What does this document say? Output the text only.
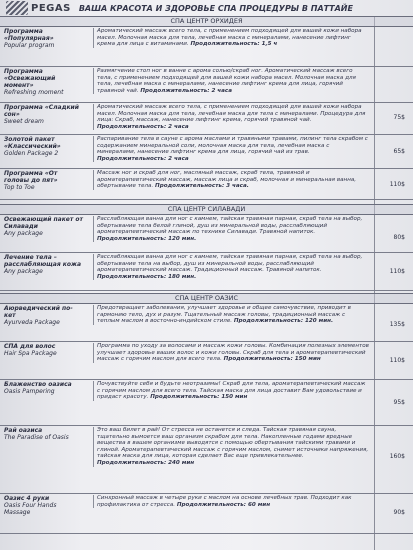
PEGAS ВАША КРАСОТА И ЗДОРОВЬЕ СПА ПРОЦЕДУРЫ В ПАТТАЙЕ
СПА ЦЕНТР ОРХИДЕЯ
Программа «Популярная»
Popular program
Ароматический массаж всего тела, с применением подходящей для вашей кожи набора масел. Молочная маска для тела, лечебная маска с минералами, нанесение лифтинг крема для лица с витаминами. Продолжительность: 1,5 ч
Программа «Освежающий момент»
Refreshing moment
Размягчение стоп ног в ванне с арома солью/скраб ног. Ароматический массаж всего тела, с применением подходящей для вашей кожи набора масел. Молочная маска для тела, лечебная маска с минералами, нанесение лифтинг крема для лица, горячий травяной чай. Продолжительность: 2 часа
Программа «Сладкий сон»
Sweet dream
Ароматический массаж всего тела, с применением подходящей для вашей кожи набора масел. Молочная маска для тела, лечебная маска для тела с минералами. Процедура для лица: Скраб, массаж, нанесение лифтинг крема, горячий травяной чай. Продолжительность: 2 часа
75$
Золотой пакет «Классический»
Golden Package 2
Распаривание тела в сауне с арома маслами и травяными травами, пилинг тела скрабом с содержанием минеральной соли, молочная маска для тела, лечебная маска с минералами, нанесение лифтинг крема для лица, горячий чай из трав. Продолжительность: 2 часа
65$
Программа «От головы до пят»
Top to Toe
Массаж ног и скраб для ног, масляный массаж, скраб тела, травяной и ароматерапевтический массаж, массаж лица и скраб, молочная и минеральная ванна, обертывание тела. Продолжительность: 3 часа.	110$
СПА ЦЕНТР СИЛАВАДИ
Освежающий пакет от Силавади
Any package
Расслабляющая ванна для ног с камнем, тайская травяная парная, скраб тела на выбор, обертывание тела белой глиной, душ из минеральной воды, расслабляющий ароматерапевтический массаж по технике Силавади. Травяной напиток. Продолжительность: 120 мин.	80$
Лечение тела – расслабляющая кожа
Any package
Расслабляющая ванна для ног с камнем, тайская травяная парная, скраб тела на выбор, обертывание тела на выбор, душ из минеральной воды, расслабляющий ароматерапевтический массаж. Традиционный массаж. Травяной напиток. Продолжительность: 180 мин.
110$
СПА ЦЕНТР ОАЗИС
Аюрведический по-кет
Ayurveda Package
Предотвращает заболевания, улучшает здоровье и общее самочувствие, приводит в гармонию тело, дух и разум. Тщательный массаж головы, традиционный массаж с теплым маслом в восточно-индийском стиле. Продолжительность: 120 мин.	135$
СПА для волос
Hair Spa Package
Программа по уходу за волосами и массаж кожи головы. Комбинация полезных элементов улучшает здоровье ваших волос и кожи головы. Скраб для тела и ароматерапевтический массаж с горячим маслом для всего тела. Продолжительность: 150 мин	110$
Блаженство оазиса
Oasis Pampering
Почувствуйте себя и будьте неотразимы! Скраб для тела, ароматерапевтический массаж с горячим маслом для всего тела. Тайская маска для лица доставит Вам удовольствие и придаст красоту. Продолжительность: 150 мин
95$
Рай оазиса
The Paradise of Oasis
Это ваш билет в рай! От стресса не останется и следа. Тайская травяная сауна, тщательно вымоется ваш организм скрабом для тела. Накопленные годами вредные вещества в вашем организме выводятся с помощью обертывания тайскими травами и глиной. Ароматерапевтический массаж с горячим маслом, снимет источники напряжения, тайская маска для лица, которая сделает Вас еще привлекательнее. Продолжительность: 240 мин
160$
Оазис 4 руки
Oasis Four Hands Massage
Синхронный массаж в четыре руки с маслом на основе лечебных трав. Подходит как профилактика от стресса. Продолжительность: 60 мин
90$
